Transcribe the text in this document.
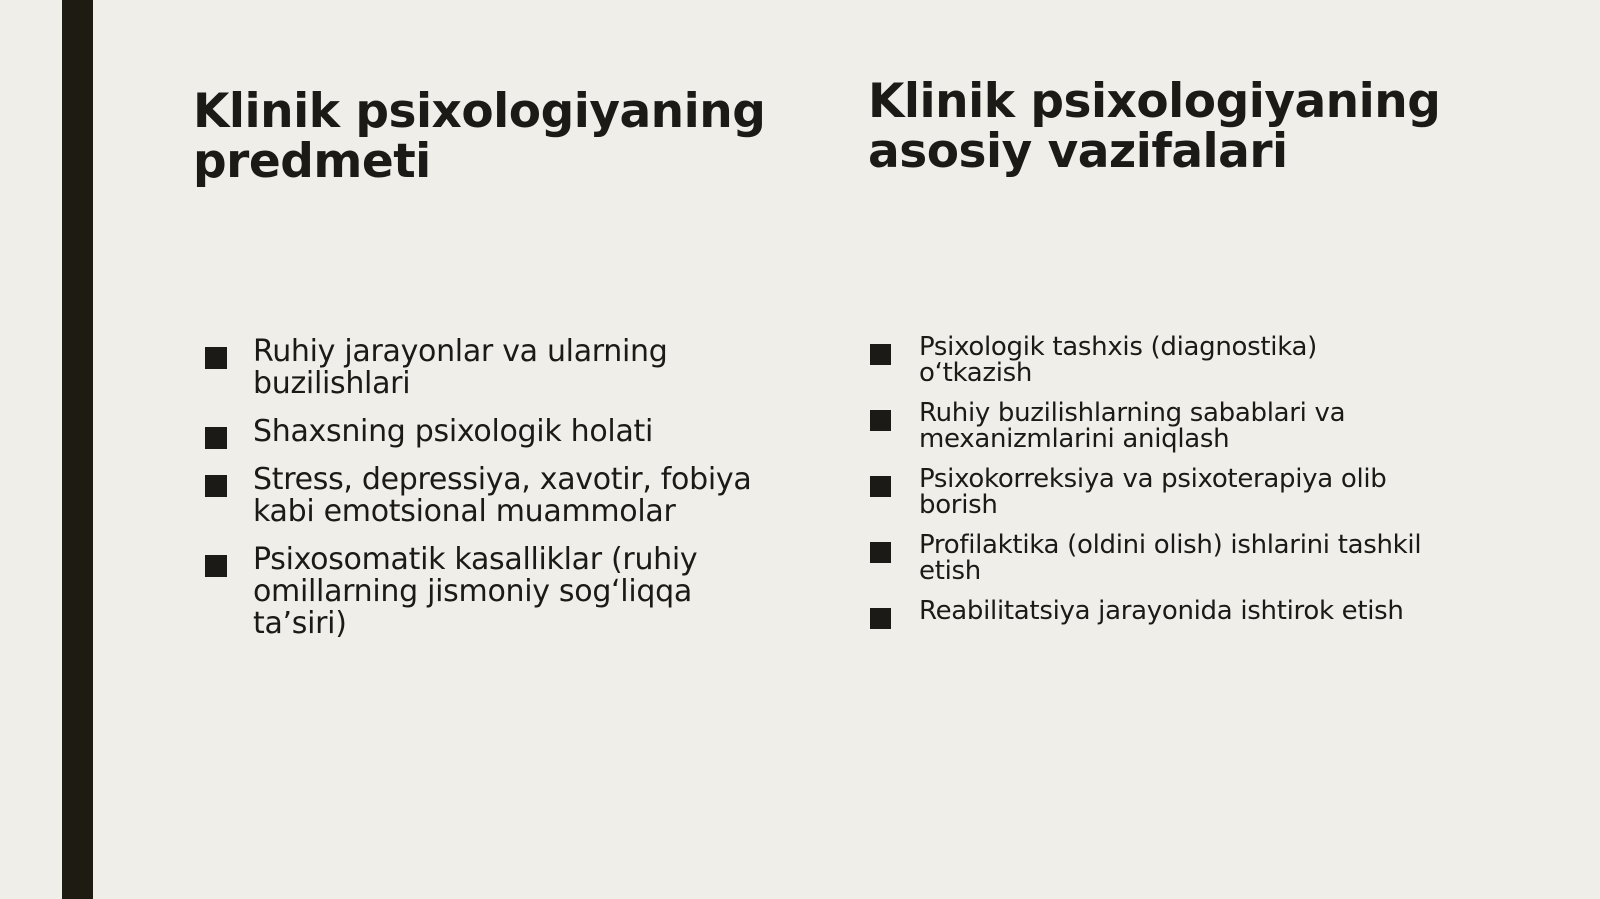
Klinik psixologiyaning predmeti
Klinik psixologiyaning asosiy vazifalari
Ruhiy jarayonlar va ularning buzilishlari
Shaxsning psixologik holati
Stress, depressiya, xavotir, fobiya kabi emotsional muammolar
Psixosomatik kasalliklar (ruhiy omillarning jismoniy sog‘liqqa ta’siri)
Psixologik tashxis (diagnostika) o‘tkazish
Ruhiy buzilishlarning sabablari va mexanizmlarini aniqlash
Psixokorreksiya va psixoterapiya olib borish
Profilaktika (oldini olish) ishlarini tashkil etish
Reabilitatsiya jarayonida ishtirok etish
